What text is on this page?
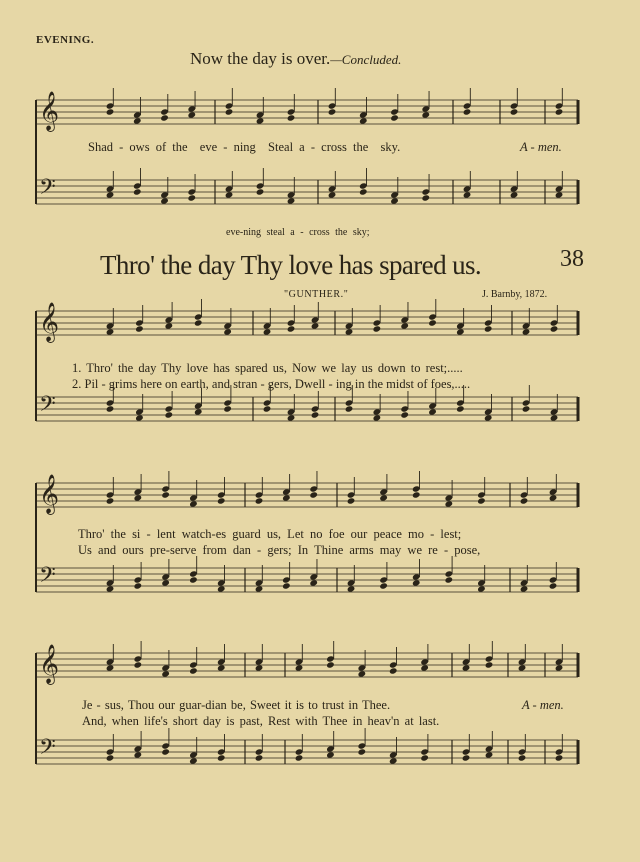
EVENING.
Now the day is over.—Concluded.
𝄞
𝄢
𝄞
𝄢
𝄞
𝄢
𝄞
𝄢
Shad - ows of the eve - ning Steal a - cross the sky.	A - men.
eve-ning steal a - cross the sky;
Thro' the day Thy love has spared us.	38
"GUNTHER."	J. Barnby, 1872.
1. Thro' the day Thy love has spared us, Now we lay us down to rest;.....
2. Pil - grims here on earth, and stran - gers, Dwell - ing in the midst of foes,.....
Thro' the si - lent watch-es guard us, Let no foe our peace mo - lest;
Us and ours pre-serve from dan - gers; In Thine arms may we re - pose,
Je - sus, Thou our guar-dian be, Sweet it is to trust in Thee.
And, when life's short day is past, Rest with Thee in heav'n at last.
A - men.
